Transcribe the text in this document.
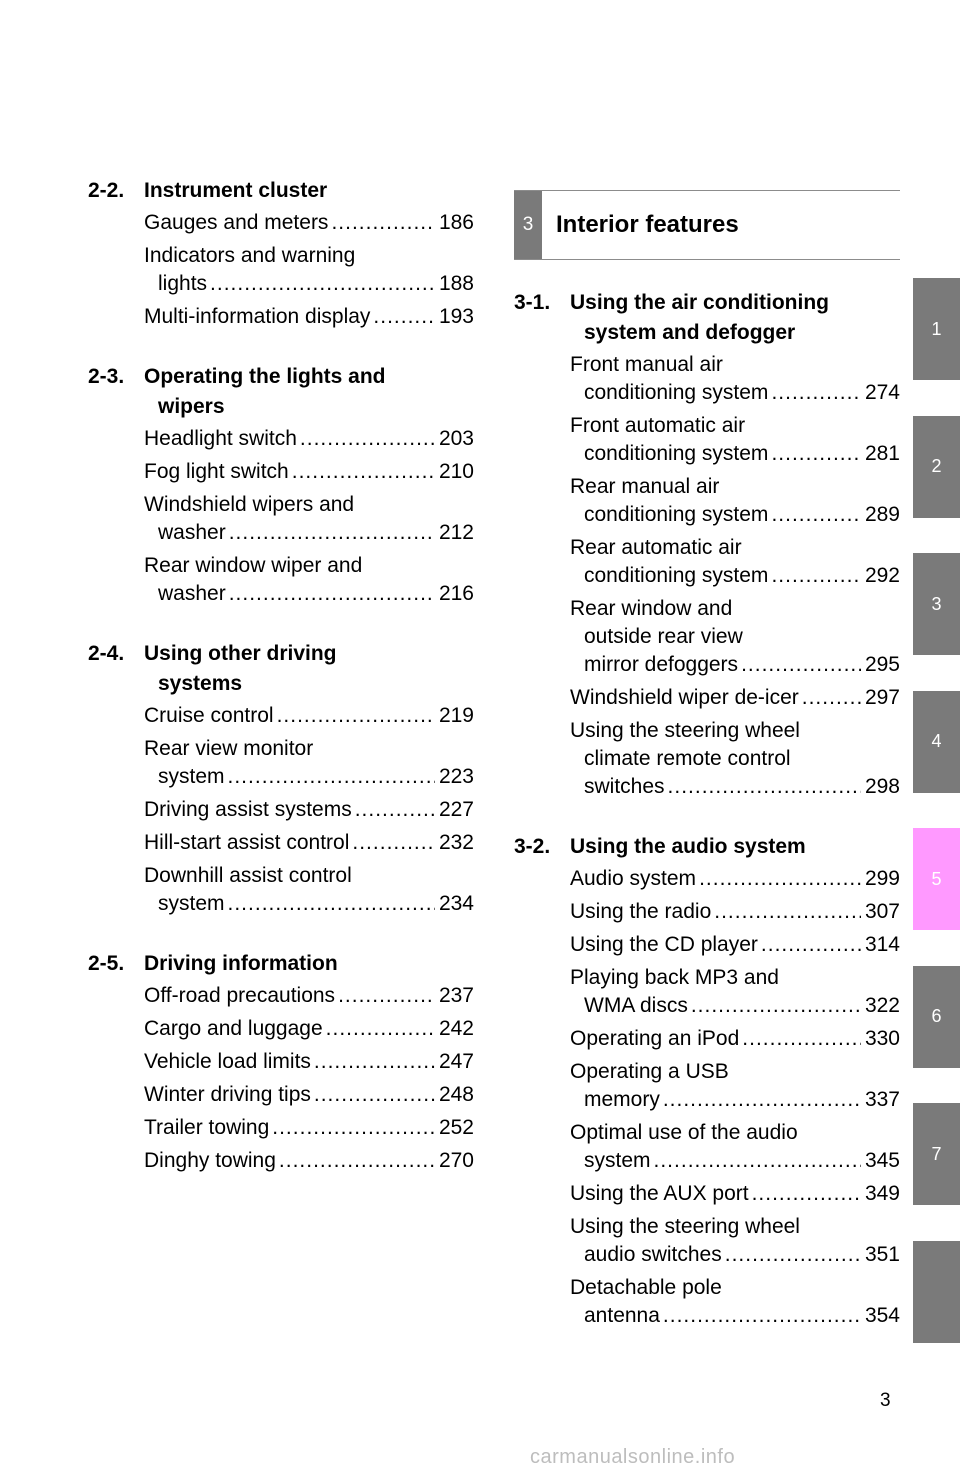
2-2. Instrument cluster
Gauges and meters .....	186
Indicators and warning
lights .....	188
Multi-information display .....	193
2-3. Operating the lights and
wipers
Headlight switch .....	203
Fog light switch .....	210
Windshield wipers and
washer .....	212
Rear window wiper and
washer .....	216
2-4. Using other driving
systems
Cruise control .....	219
Rear view monitor
system .....	223
Driving assist systems .....	227
Hill-start assist control .....	232
Downhill assist control
system .....	234
2-5. Driving information
Off-road precautions .....	237
Cargo and luggage .....	242
Vehicle load limits .....	247
Winter driving tips .....	248
Trailer towing .....	252
Dinghy towing .....	270
3 Interior features
3-1. Using the air conditioning
system and defogger
Front manual air
conditioning system .....	274
Front automatic air
conditioning system .....	281
Rear manual air
conditioning system .....	289
Rear automatic air
conditioning system .....	292
Rear window and
outside rear view
mirror defoggers .....	295
Windshield wiper de-icer .....	297
Using the steering wheel
climate remote control
switches .....	298
3-2. Using the audio system
Audio system .....	299
Using the radio .....	307
Using the CD player .....	314
Playing back MP3 and
WMA discs .....	322
Operating an iPod .....	330
Operating a USB
memory .....	337
Optimal use of the audio
system .....	345
Using the AUX port .....	349
Using the steering wheel
audio switches .....	351
Detachable pole
antenna .....	354
1
2
3
4
5
6
7
3
carmanualsonline.info
